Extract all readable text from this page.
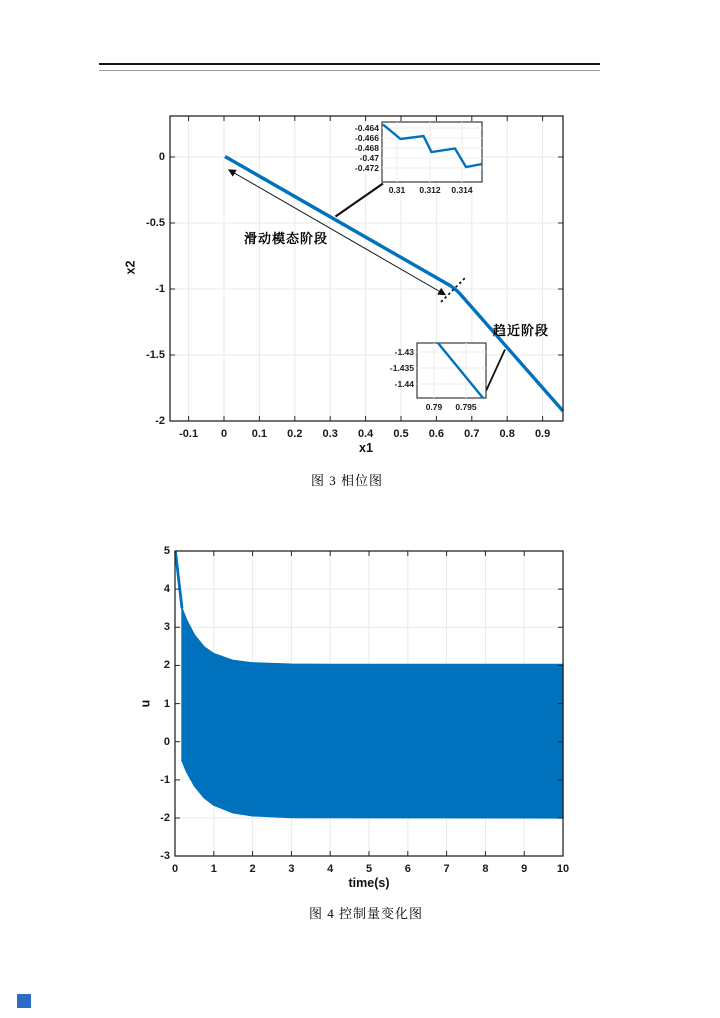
0
-0.5
-1
-1.5
-2
-0.1	0	0.1	0.2	0.3	0.4	0.5	0.6	0.7	0.8	0.9
x1
x2
-0.464
-0.466
-0.468
-0.47
-0.472
0.31	0.312	0.314
-1.43
-1.435
-1.44
0.79	0.795
滑动模态阶段
趋近阶段
图 3 相位图
5
4
3
2
1
0
-1
-2
-3
0	1	2	3	4	5	6	7	8	9	10
time(s)
u
图 4 控制量变化图
